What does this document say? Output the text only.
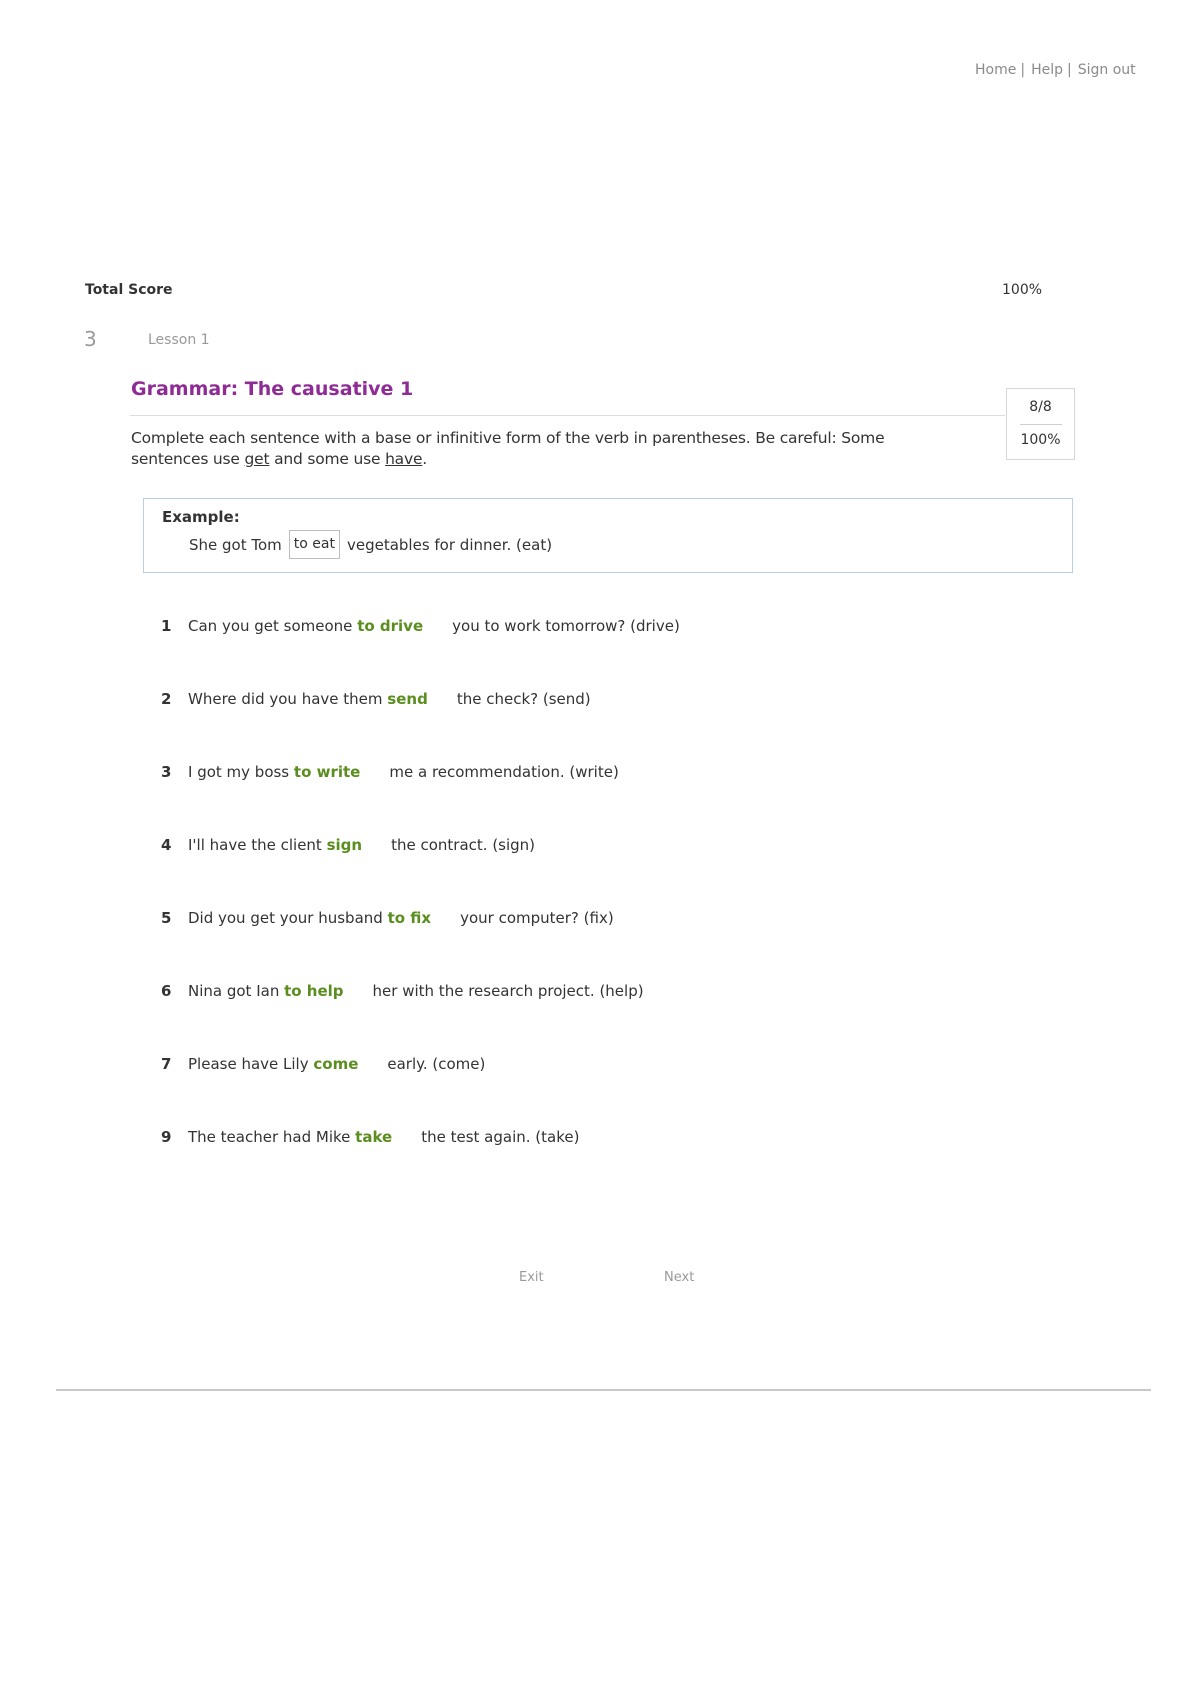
Home | Help | Sign out
Total Score	100%
3	Lesson 1
Grammar: The causative 1
8/8
100%

Complete each sentence with a base or infinitive form of the verb in parentheses. Be careful: Some sentences use get and some use have.

Example:
She got Tom to eat vegetables for dinner. (eat)
1 Can you get someone to drive you to work tomorrow? (drive)
2 Where did you have them send the check? (send)
3 I got my boss to write me a recommendation. (write)
4 I'll have the client sign the contract. (sign)
5 Did you get your husband to fix your computer? (fix)
6 Nina got Ian to help her with the research project. (help)
7 Please have Lily come early. (come)
9 The teacher had Mike take the test again. (take)
Exit	Next
